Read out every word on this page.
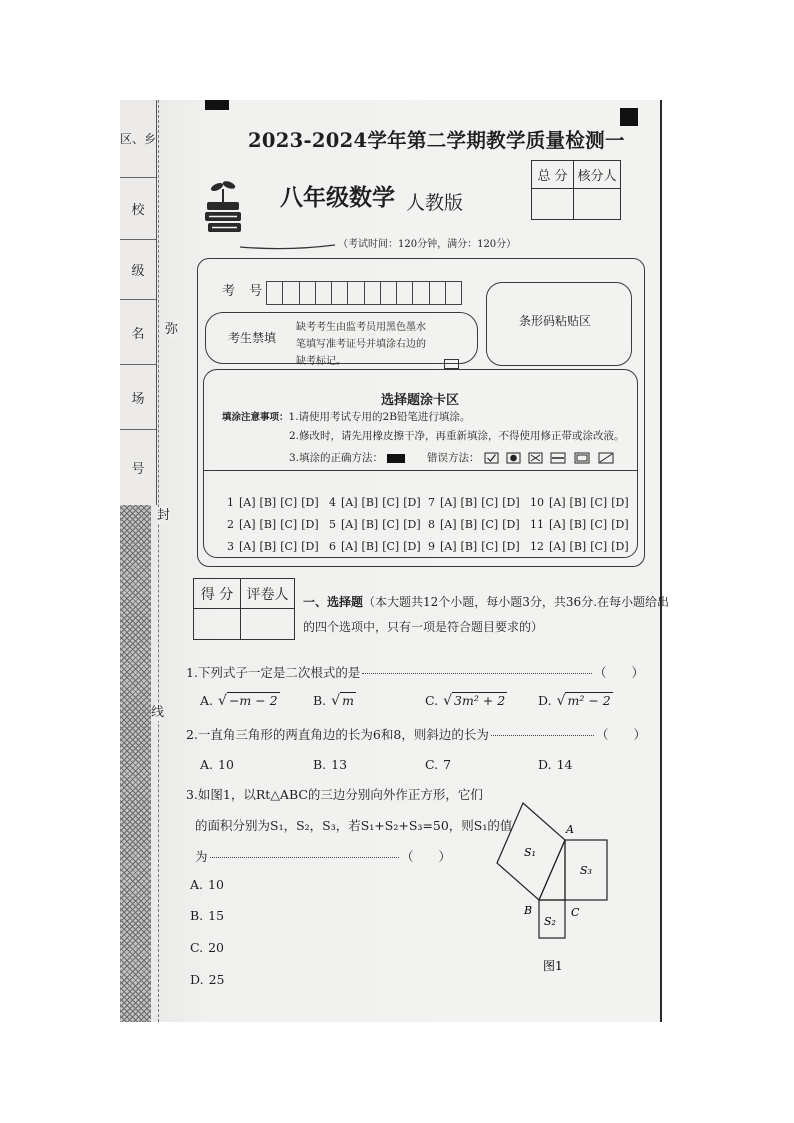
区、乡
校
级
名
场
号
弥
封
线
2023-2024学年第二学期教学质量检测一
总 分 核分人
八年级数学 人教版
（考试时间：120分钟，满分：120分）
考 号
考生禁填
缺考考生由监考员用黑色墨水
笔填写准考证号并填涂右边的
缺考标记。
条形码粘贴区
选择题涂卡区
填涂注意事项： 1.请使用考试专用的2B铅笔进行填涂。
2.修改时，请先用橡皮擦干净，再重新填涂，不得使用修正带或涂改液。
3.填涂的正确方法：	错误方法：
1 [A] [B] [C] [D]
2 [A] [B] [C] [D]
3 [A] [B] [C] [D]
4 [A] [B] [C] [D]
5 [A] [B] [C] [D]
6 [A] [B] [C] [D]
7 [A] [B] [C] [D]
8 [A] [B] [C] [D]
9 [A] [B] [C] [D]
10 [A] [B] [C] [D]
11 [A] [B] [C] [D]
12 [A] [B] [C] [D]
得 分 评卷人	一、选择题 （本大题共12个小题，每小题3分，共36分.在每小题给出
的四个选项中，只有一项是符合题目要求的）
1.下列式子一定是二次根式的是	（　　）
A. √ −m − 2	B. √ m	C. √ 3m² + 2	D. √ m² − 2
2.一直角三角形的两直角边的长为6和8，则斜边的长为	（　　）
A. 10	B. 13	C. 7	D. 14
3.如图1，以Rt△ABC的三边分别向外作正方形，它们
的面积分别为S₁，S₂，S₃，若S₁+S₂+S₃=50，则S₁的值
为	（　　）
A. 10
B. 15
C. 20
D. 25
S₁
S₃
S₂
A
B	C
图1
